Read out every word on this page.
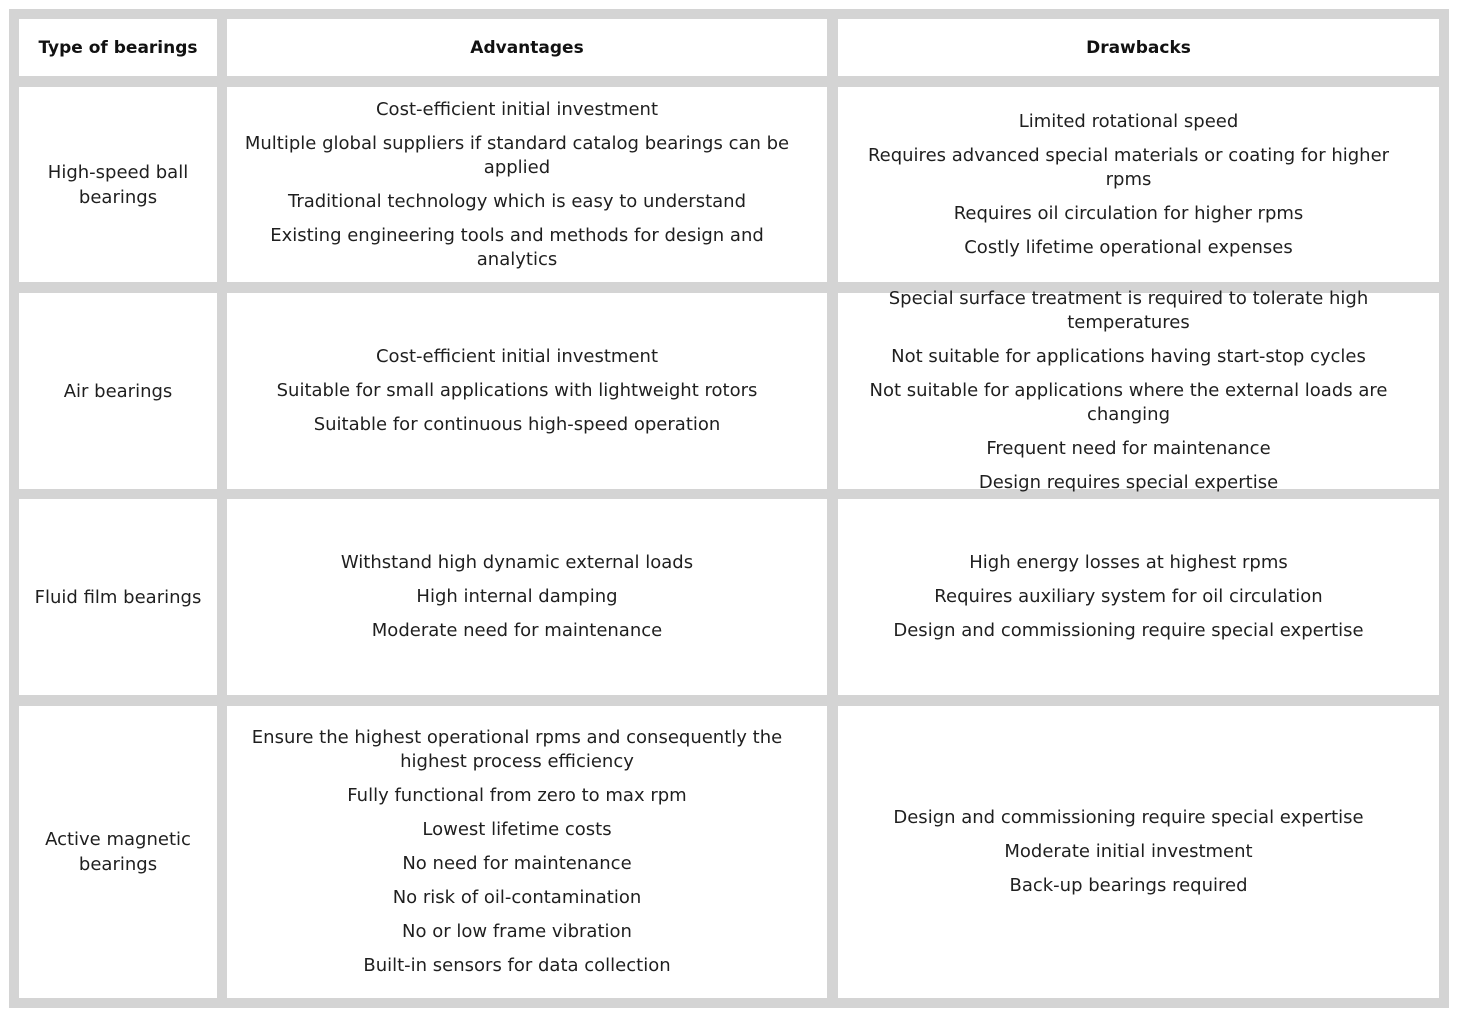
Type of bearings	Advantages	Drawbacks
High-speed ball bearings
Cost-efficient initial investment
Multiple global suppliers if standard catalog bearings can be applied
Traditional technology which is easy to understand
Existing engineering tools and methods for design and analytics
Limited rotational speed
Requires advanced special materials or coating for higher rpms
Requires oil circulation for higher rpms
Costly lifetime operational expenses
Air bearings
Cost-efficient initial investment
Suitable for small applications with lightweight rotors
Suitable for continuous high-speed operation
Special surface treatment is required to tolerate high temperatures
Not suitable for applications having start-stop cycles
Not suitable for applications where the external loads are changing
Frequent need for maintenance
Design requires special expertise
Fluid film bearings
Withstand high dynamic external loads
High internal damping
Moderate need for maintenance
High energy losses at highest rpms
Requires auxiliary system for oil circulation
Design and commissioning require special expertise
Active magnetic bearings
Ensure the highest operational rpms and consequently the highest process efficiency
Fully functional from zero to max rpm
Lowest lifetime costs
No need for maintenance
No risk of oil-contamination
No or low frame vibration
Built-in sensors for data collection
Design and commissioning require special expertise
Moderate initial investment
Back-up bearings required
